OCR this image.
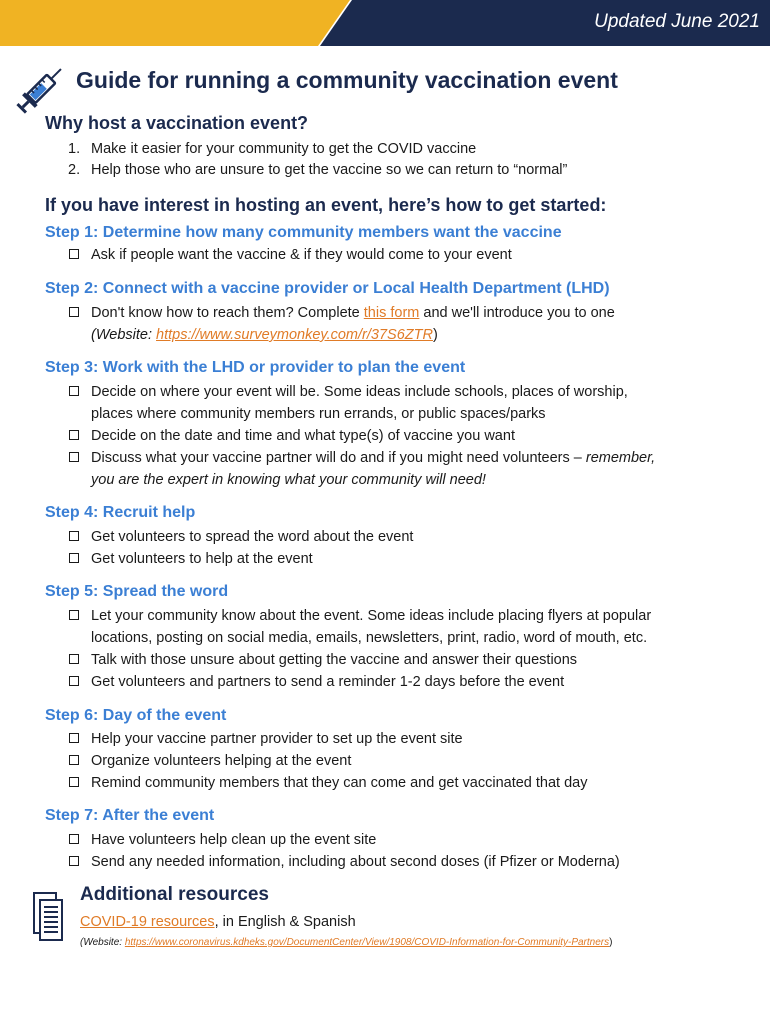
Updated June 2021
Guide for running a community vaccination event
Why host a vaccination event?
1. Make it easier for your community to get the COVID vaccine
2. Help those who are unsure to get the vaccine so we can return to “normal”
If you have interest in hosting an event, here’s how to get started:
Step 1: Determine how many community members want the vaccine
Ask if people want the vaccine & if they would come to your event
Step 2: Connect with a vaccine provider or Local Health Department (LHD)
Don't know how to reach them? Complete this form and we'll introduce you to one
(Website: https://www.surveymonkey.com/r/37S6ZTR)
Step 3: Work with the LHD or provider to plan the event
Decide on where your event will be. Some ideas include schools, places of worship,
places where community members run errands, or public spaces/parks
Decide on the date and time and what type(s) of vaccine you want
Discuss what your vaccine partner will do and if you might need volunteers – remember,
you are the expert in knowing what your community will need!
Step 4: Recruit help
Get volunteers to spread the word about the event
Get volunteers to help at the event
Step 5: Spread the word
Let your community know about the event. Some ideas include placing flyers at popular
locations, posting on social media, emails, newsletters, print, radio, word of mouth, etc.
Talk with those unsure about getting the vaccine and answer their questions
Get volunteers and partners to send a reminder 1-2 days before the event
Step 6: Day of the event
Help your vaccine partner provider to set up the event site
Organize volunteers helping at the event
Remind community members that they can come and get vaccinated that day
Step 7: After the event
Have volunteers help clean up the event site
Send any needed information, including about second doses (if Pfizer or Moderna)
Additional resources
COVID-19 resources, in English & Spanish
(Website: https://www.coronavirus.kdheks.gov/DocumentCenter/View/1908/COVID-Information-for-Community-Partners)
